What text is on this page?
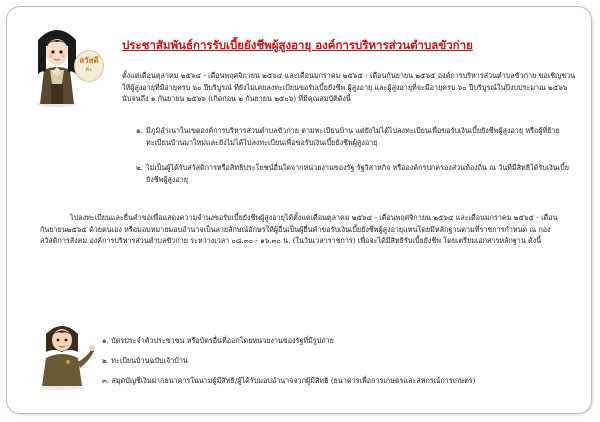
สวัสดี
ค่ะ
ประชาสัมพันธ์การรับเบี้ยยังชีพผู้สูงอายุ องค์การบริหารส่วนตำบลขัวก่าย
ตั้งแต่เดือนตุลาคม ๒๕๖๔ - เดือนพฤศจิกายน ๒๕๖๔ และเดือนมกราคม ๒๕๖๕ - เดือนกันยายน ๒๕๖๕ องค์การบริหารส่วนตำบลขัวก่าย ขอเชิญชวนให้ผู้สูงอายุที่มีอายุครบ ๖๐ ปีบริบูรณ์ ที่ยังไม่เคยลงทะเบียนขอรับเบี้ยยังชีพ ผู้สูงอายุ และผู้สูงอายุที่จะมีอายุครบ ๖๐ ปีบริบูรณ์ในปีงบประมาณ ๒๕๖๖ นับจนถึง ๑ กันยายน ๒๕๖๖ (เกิดก่อน ๒ กันยายน ๒๕๐๖) ที่มีคุณสมบัติดังนี้
๑. มีภูมิลำเนาในเขตองค์การบริหารส่วนตำบลขัวก่าย ตามทะเบียนบ้าน แต่ยังไม่ได้ไปลงทะเบียนเพื่อขอรับเงินเบี้ยยังชีพผู้สูงอายุ หรือผู้ที่ย้ายทะเบียนบ้านมาใหม่และยังไม่ได้ไปลงทะเบียนเพื่อขอรับเงินเบี้ยยังชีพผู้สูงอายุ
๒. ไม่เป็นผู้ได้รับสวัสดิการหรือสิทธิประโยชน์อื่นใดจากหน่วยงานของรัฐ รัฐวิสาหกิจ หรือองค์กรปกครองส่วนท้องถิ่น ณ วันที่มีสิทธิได้รับเงินเบี้ยยังชีพผู้สูงอายุ
ไปลงทะเบียนและยื่นคำขอเพื่อแสดงความจำนงขอรับเบี้ยยังชีพผู้สูงอายุได้ตั้งแต่เดือนตุลาคม ๒๕๖๔ - เดือนพฤศจิกายน ๒๕๖๔ และเดือนมกราคม ๒๕๖๕ - เดือนกันยายน๒๕๖๕ ด้วยตนเอง หรือมอบหมายมอบอำนาจเป็นลายลักษณ์อักษรให้ผู้อื่นเป็นผู้ยื่นคำขอรับเงินเบี้ยยังชีพผู้สูงอายุแทนโดยมีหลักฐานตามที่ราชการกำหนด ณ กองสวัสดิการสังคม องค์การบริหารส่วนตำบลขัวก่าย ระหว่างเวลา ๐๘.๓๐ - ๑๖.๓๐ น. (ในวันเวลาราชการ) เพื่อจะได้มีสิทธิรับเบี้ยยังชีพ โดยเตรียมเอกสารหลักฐาน ดังนี้
๑. บัตรประจำตัวประชาชน หรือบัตรอื่นที่ออกโดยหน่วยงานของรัฐที่มีรูปถ่าย
๒. ทะเบียนบ้านฉบับเจ้าบ้าน
๓. สมุดบัญชีเงินฝากธนาคารในนามผู้มีสิทธิ/ผู้ได้รับมอบอำนาจจากผู้มีสิทธิ (ธนาคารเพื่อการเกษตรและสหกรณ์การเกษตร)
